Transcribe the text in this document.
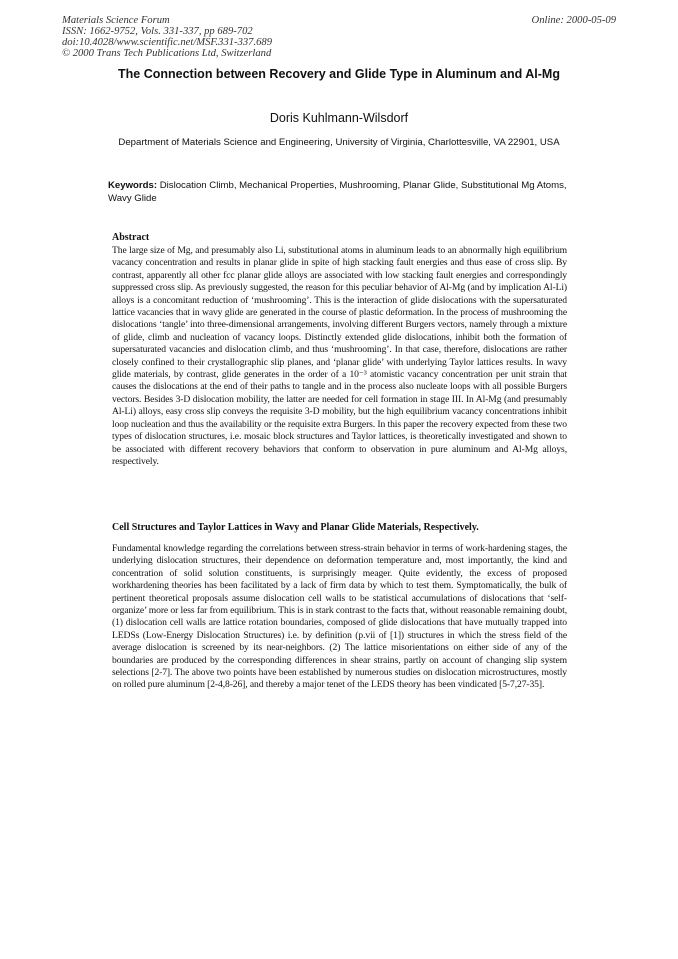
Materials Science Forum
ISSN: 1662-9752, Vols. 331-337, pp 689-702
doi:10.4028/www.scientific.net/MSF.331-337.689
© 2000 Trans Tech Publications Ltd, Switzerland
Online: 2000-05-09
The Connection between Recovery and Glide Type in Aluminum and Al-Mg
Doris Kuhlmann-Wilsdorf
Department of Materials Science and Engineering, University of Virginia, Charlottesville, VA 22901, USA
Keywords: Dislocation Climb, Mechanical Properties, Mushrooming, Planar Glide, Substitutional Mg Atoms, Wavy Glide
Abstract
The large size of Mg, and presumably also Li, substitutional atoms in aluminum leads to an abnormally high equilibrium vacancy concentration and results in planar glide in spite of high stacking fault energies and thus ease of cross slip. By contrast, apparently all other fcc planar glide alloys are associated with low stacking fault energies and correspondingly suppressed cross slip. As previously suggested, the reason for this peculiar behavior of Al-Mg (and by implication Al-Li) alloys is a concomitant reduction of ‘mushrooming’. This is the interaction of glide dislocations with the supersaturated lattice vacancies that in wavy glide are generated in the course of plastic deformation. In the process of mushrooming the dislocations ‘tangle’ into three-dimensional arrangements, involving different Burgers vectors, namely through a mixture of glide, climb and nucleation of vacancy loops. Distinctly extended glide dislocations, inhibit both the formation of supersaturated vacancies and dislocation climb, and thus ‘mushrooming’. In that case, therefore, dislocations are rather closely confined to their crystallographic slip planes, and ‘planar glide’ with underlying Taylor lattices results. In wavy glide materials, by contrast, glide generates in the order of a 10⁻³ atomistic vacancy concentration per unit strain that causes the dislocations at the end of their paths to tangle and in the process also nucleate loops with all possible Burgers vectors. Besides 3-D dislocation mobility, the latter are needed for cell formation in stage III. In Al-Mg (and presumably Al-Li) alloys, easy cross slip conveys the requisite 3-D mobility, but the high equilibrium vacancy concentrations inhibit loop nucleation and thus the availability or the requisite extra Burgers. In this paper the recovery expected from these two types of dislocation structures, i.e. mosaic block structures and Taylor lattices, is theoretically investigated and shown to be associated with different recovery behaviors that conform to observation in pure aluminum and Al-Mg alloys, respectively.
Cell Structures and Taylor Lattices in Wavy and Planar Glide Materials, Respectively.
Fundamental knowledge regarding the correlations between stress-strain behavior in terms of work-hardening stages, the underlying dislocation structures, their dependence on deformation temperature and, most importantly, the kind and concentration of solid solution constituents, is surprisingly meager. Quite evidently, the excess of proposed workhardening theories has been facilitated by a lack of firm data by which to test them. Symptomatically, the bulk of pertinent theoretical proposals assume dislocation cell walls to be statistical accumulations of dislocations that ‘self-organize’ more or less far from equilibrium. This is in stark contrast to the facts that, without reasonable remaining doubt, (1) dislocation cell walls are lattice rotation boundaries, composed of glide dislocations that have mutually trapped into LEDSs (Low-Energy Dislocation Structures) i.e. by definition (p.vii of [1]) structures in which the stress field of the average dislocation is screened by its near-neighbors. (2) The lattice misorientations on either side of any of the boundaries are produced by the corresponding differences in shear strains, partly on account of changing slip system selections [2-7]. The above two points have been established by numerous studies on dislocation microstructures, mostly on rolled pure aluminum [2-4,8-26], and thereby a major tenet of the LEDS theory has been vindicated [5-7,27-35].
